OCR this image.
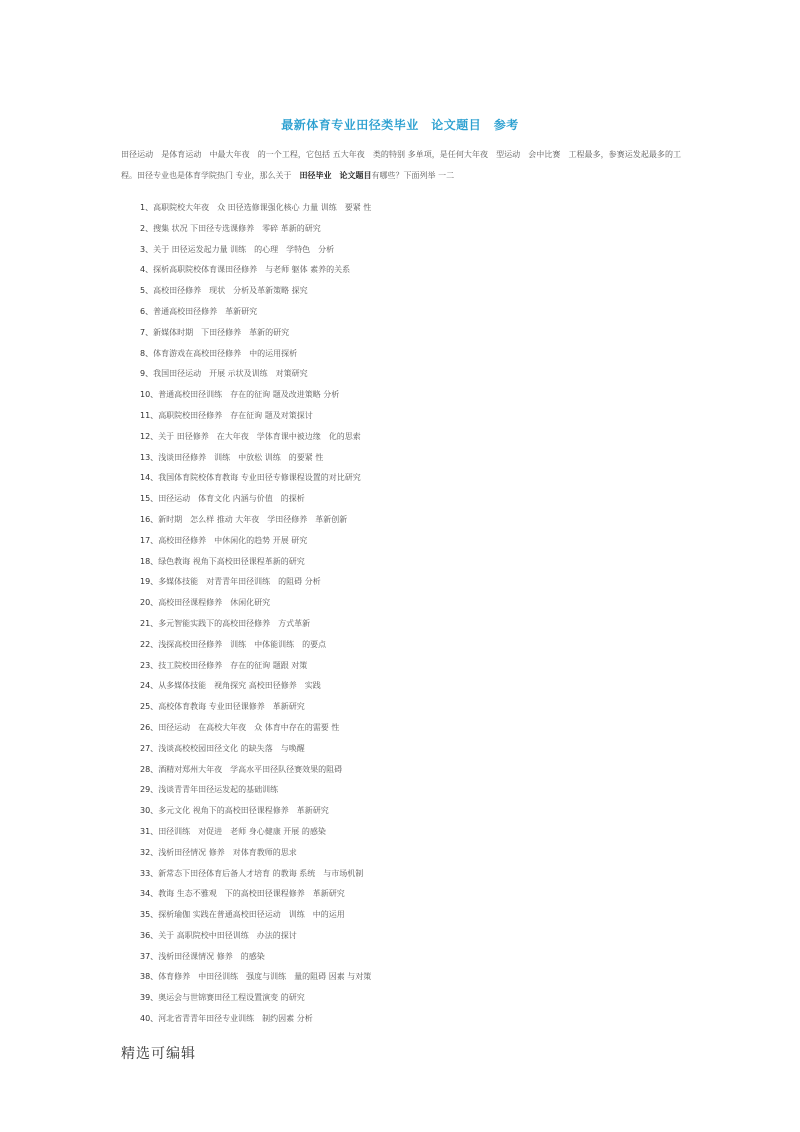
最新体育专业田径类毕业　论文题目　参考

田径运动　是体育运动　中最大年夜　的一个工程，它包括 五大年夜　类的特别 多单项，是任何大年夜　型运动　会中比赛　工程最多，参赛运发起最多的工程。田径专业也是体育学院热门 专业，那么关于　田径毕业　论文题目有哪些？下面列举 一二

1、高职院校大年夜　众 田径选修课强化核心 力量 训练　要紧 性
2、搜集 状况 下田径专选课修养　零碎 革新的研究
3、关于 田径运发起力量 训练　的心理　学特色　分析
4、探析高职院校体育课田径修养　与老师 躯体 素养的关系
5、高校田径修养　现状　分析及革新策略 探究
6、普通高校田径修养　革新研究
7、新媒体时期　下田径修养　革新的研究
8、体育游戏在高校田径修养　中的运用探析
9、我国田径运动　开展 示状及训练　对策研究
10、普通高校田径训练　存在的征询 题及改进策略 分析
11、高职院校田径修养　存在征询 题及对策探讨
12、关于 田径修养　在大年夜　学体育课中被边缘　化的思索
13、浅谈田径修养　训练　中放松 训练　的要紧 性
14、我国体育院校体育教诲 专业田径专修课程设置的对比研究
15、田径运动　体育文化 内涵与价值　的探析
16、新时期　怎么样 推动 大年夜　学田径修养　革新创新
17、高校田径修养　中休闲化的趋势 开展 研究
18、绿色教诲 视角下高校田径课程革新的研究
19、多媒体技能　对青青年田径训练　的阻碍 分析
20、高校田径课程修养　休闲化研究
21、多元智能实践下的高校田径修养　方式革新
22、浅探高校田径修养　训练　中体能训练　的要点
23、技工院校田径修养　存在的征询 题跟 对策
24、从多媒体技能　视角探究 高校田径修养　实践
25、高校体育教诲 专业田径课修养　革新研究
26、田径运动　在高校大年夜　众 体育中存在的需要 性
27、浅谈高校校园田径文化 的缺失落　与唤醒
28、酒精对郑州大年夜　学高水平田径队径赛效果的阻碍
29、浅谈青青年田径运发起的基础训练
30、多元文化 视角下的高校田径课程修养　革新研究
31、田径训练　对促进　老师 身心健康 开展 的感染
32、浅析田径情况 修养　对体育教师的思求
33、新常态下田径体育后备人才培育 的教诲 系统　与市场机制
34、教诲 生态不雅观　下的高校田径课程修养　革新研究
35、探析瑜伽 实践在普通高校田径运动　训练　中的运用
36、关于 高职院校中田径训练　办法的探讨
37、浅析田径课情况 修养　的感染
38、体育修养　中田径训练　强度与训练　量的阻碍 因素 与对策
39、奥运会与世锦赛田径工程设置演变 的研究
40、河北省青青年田径专业训练　制约因素 分析
精选可编辑
